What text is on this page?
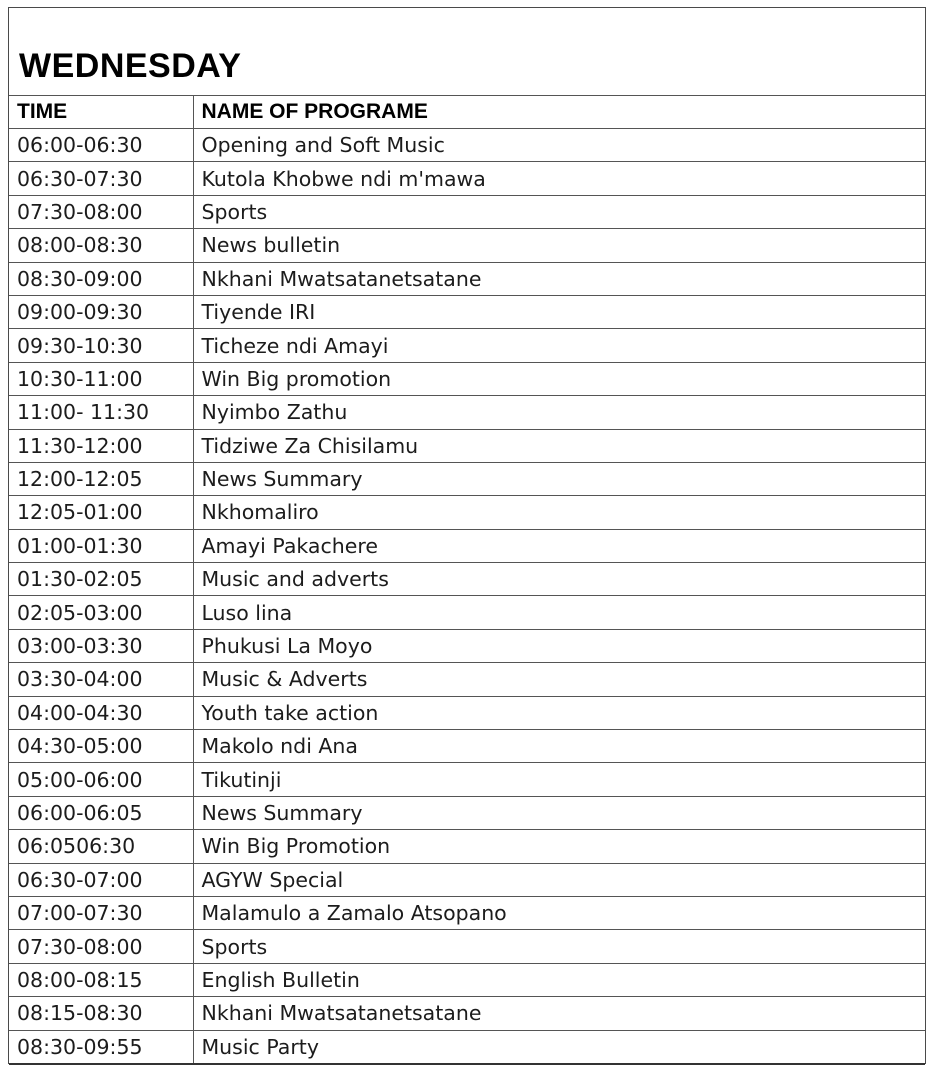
WEDNESDAY
TIME	NAME OF PROGRAME
06:00-06:30	Opening and Soft Music
06:30-07:30	Kutola Khobwe ndi m'mawa
07:30-08:00	Sports
08:00-08:30	News bulletin
08:30-09:00	Nkhani Mwatsatanetsatane
09:00-09:30	Tiyende IRI
09:30-10:30	Ticheze ndi Amayi
10:30-11:00	Win Big promotion
11:00- 11:30	Nyimbo Zathu
11:30-12:00	Tidziwe Za Chisilamu
12:00-12:05	News Summary
12:05-01:00	Nkhomaliro
01:00-01:30	Amayi Pakachere
01:30-02:05	Music and adverts
02:05-03:00	Luso lina
03:00-03:30	Phukusi La Moyo
03:30-04:00	Music & Adverts
04:00-04:30	Youth take action
04:30-05:00	Makolo ndi Ana
05:00-06:00	Tikutinji
06:00-06:05	News Summary
06:0506:30	Win Big Promotion
06:30-07:00	AGYW Special
07:00-07:30	Malamulo a Zamalo Atsopano
07:30-08:00	Sports
08:00-08:15	English Bulletin
08:15-08:30	Nkhani Mwatsatanetsatane
08:30-09:55	Music Party
